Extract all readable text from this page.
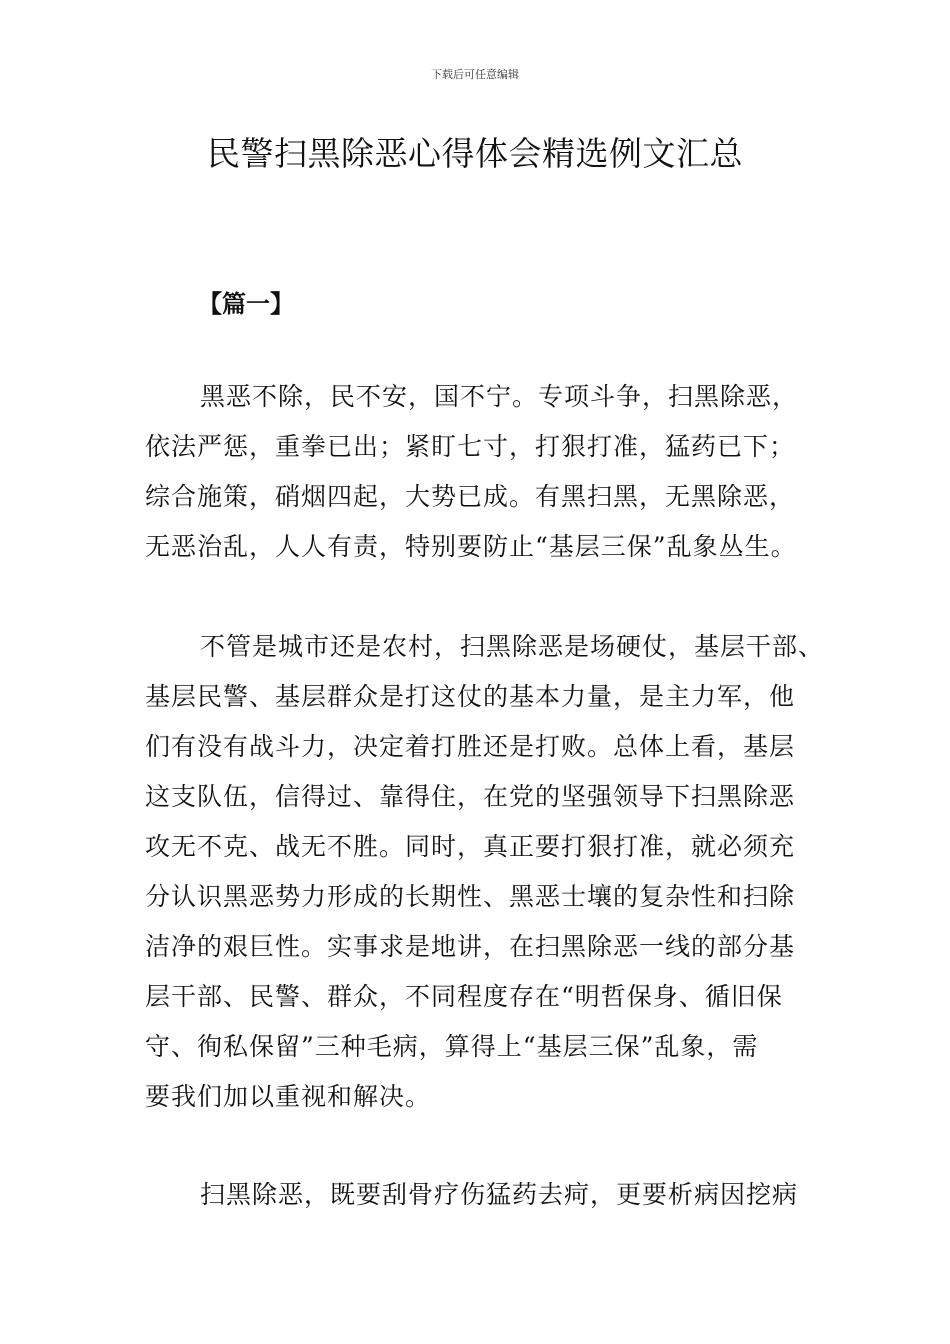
下载后可任意编辑
民警扫黑除恶心得体会精选例文汇总
【篇一】
黑恶不除，民不安，国不宁。专项斗争，扫黑除恶，
依法严惩，重拳已出；紧盯七寸，打狠打准，猛药已下；
综合施策，硝烟四起，大势已成。有黑扫黑，无黑除恶，
无恶治乱，人人有责，特别要防止“基层三保”乱象丛生。
不管是城市还是农村，扫黑除恶是场硬仗，基层干部、
基层民警、基层群众是打这仗的基本力量，是主力军，他
们有没有战斗力，决定着打胜还是打败。总体上看，基层
这支队伍，信得过、靠得住，在党的坚强领导下扫黑除恶
攻无不克、战无不胜。同时，真正要打狠打准，就必须充
分认识黑恶势力形成的长期性、黑恶士壤的复杂性和扫除
洁净的艰巨性。实事求是地讲，在扫黑除恶一线的部分基
层干部、民警、群众，不同程度存在“明哲保身、循旧保
守、徇私保留”三种毛病，算得上“基层三保”乱象，需
要我们加以重视和解决。
扫黑除恶，既要刮骨疗伤猛药去疴，更要析病因挖病
